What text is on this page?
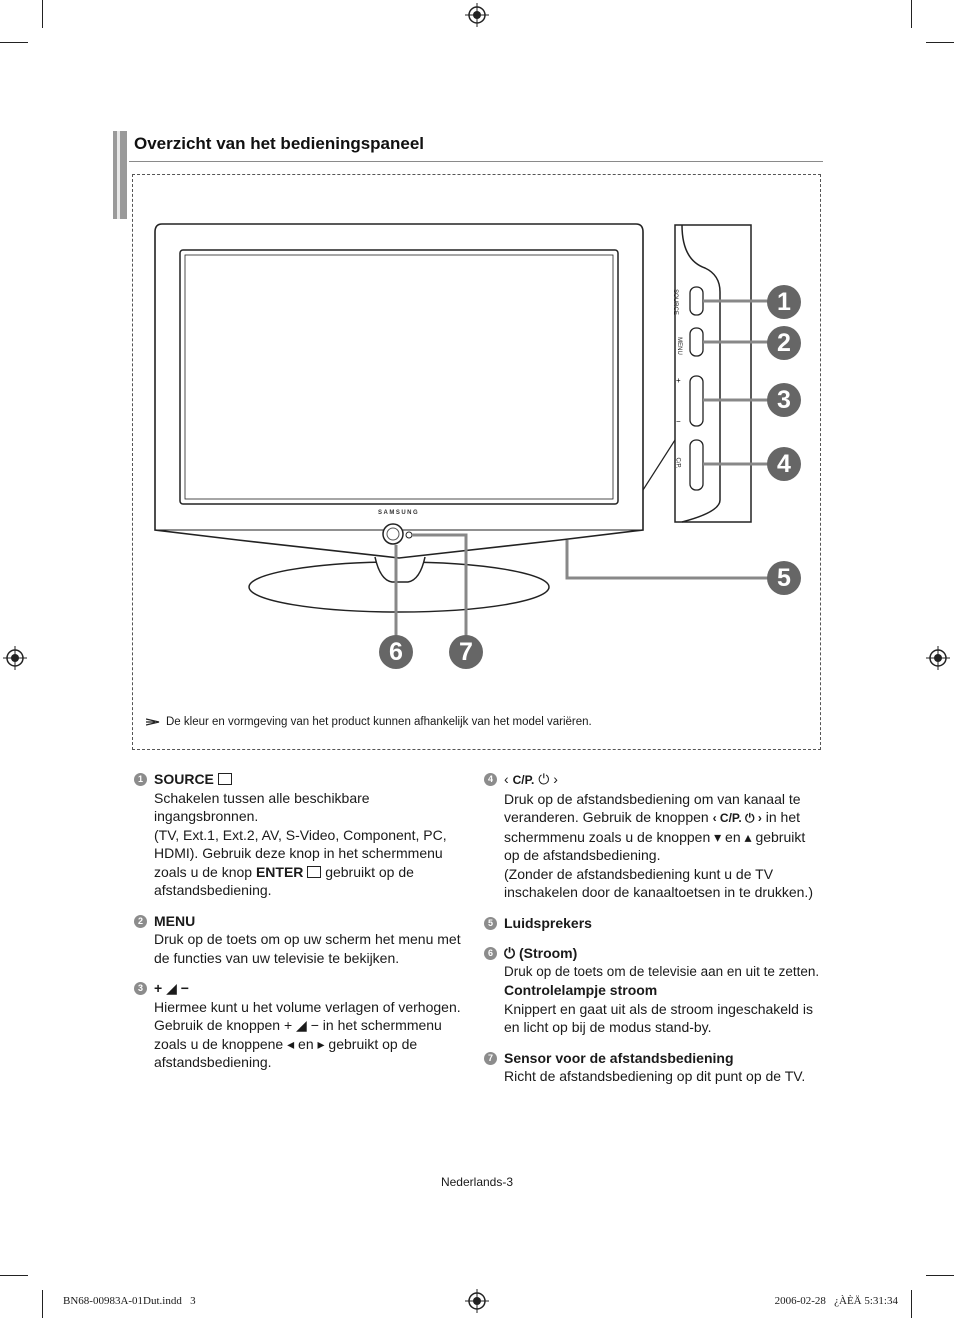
Overzicht van het bedieningspaneel
+
−
SAMSUNG
SOURCE
MENU
C/P.
1
2
3
4
5
6	7
De kleur en vormgeving van het product kunnen afhankelijk van het model variëren.
1 SOURCE
Schakelen tussen alle beschikbare ingangsbronnen.
(TV, Ext.1, Ext.2, AV, S-Video, Component, PC,
HDMI). Gebruik deze knop in het schermmenu
zoals u de knop ENTER gebruikt op de
afstandsbediening.
2 MENU
Druk op de toets om op uw scherm het menu met
de functies van uw televisie te bekijken.
3 + ◢ −
Hiermee kunt u het volume verlagen of verhogen.
Gebruik de knoppen + ◢ − in het schermmenu
zoals u de knoppene ◂ en ▸ gebruikt op de
afstandsbediening.
4 ‹ C/P. ⏻ ›
Druk op de afstandsbediening om van kanaal te
veranderen. Gebruik de knoppen ‹ C/P. ⏻ › in het
schermmenu zoals u de knoppen ▾ en ▴ gebruikt
op de afstandsbediening.
(Zonder de afstandsbediening kunt u de TV
inschakelen door de kanaaltoetsen in te drukken.)
5 Luidsprekers
6 ⏻ (Stroom)
Druk op de toets om de televisie aan en uit te zetten.
Controlelampje stroom
Knippert en gaat uit als de stroom ingeschakeld is
en licht op bij de modus stand-by.
7 Sensor voor de afstandsbediening
Richt de afstandsbediening op dit punt op de TV.
Nederlands-3
BN68-00983A-01Dut.indd   3	2006-02-28   ¿ÀÈÄ 5:31:34
